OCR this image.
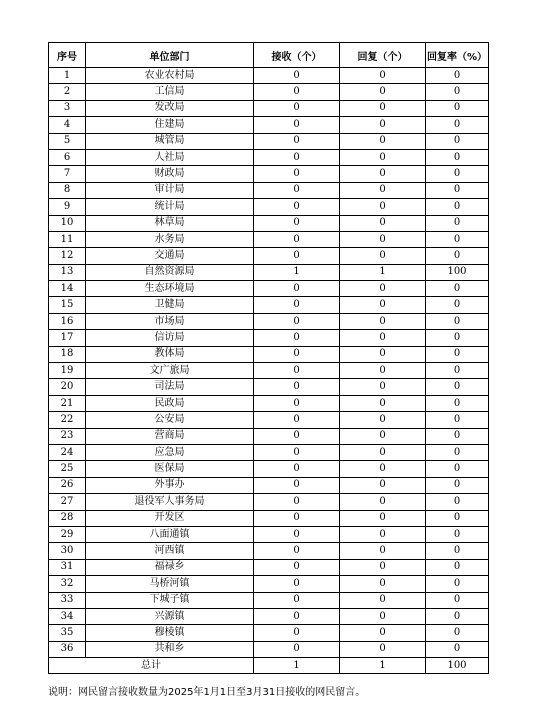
序号	单位部门	接收（个）	回复（个）	回复率（%）
1	农业农村局	0	0	0
2	工信局	0	0	0
3	发改局	0	0	0
4	住建局	0	0	0
5	城管局	0	0	0
6	人社局	0	0	0
7	财政局	0	0	0
8	审计局	0	0	0
9	统计局	0	0	0
10	林草局	0	0	0
11	水务局	0	0	0
12	交通局	0	0	0
13	自然资源局	1	1	100
14	生态环境局	0	0	0
15	卫健局	0	0	0
16	市场局	0	0	0
17	信访局	0	0	0
18	教体局	0	0	0
19	文广旅局	0	0	0
20	司法局	0	0	0
21	民政局	0	0	0
22	公安局	0	0	0
23	营商局	0	0	0
24	应急局	0	0	0
25	医保局	0	0	0
26	外事办	0	0	0
27	退役军人事务局	0	0	0
28	开发区	0	0	0
29	八面通镇	0	0	0
30	河西镇	0	0	0
31	福禄乡	0	0	0
32	马桥河镇	0	0	0
33	下城子镇	0	0	0
34	兴源镇	0	0	0
35	穆棱镇	0	0	0
36	共和乡	0	0	0
总计		1	1	100
说明：网民留言接收数量为2025年1月1日至3月31日接收的网民留言。
